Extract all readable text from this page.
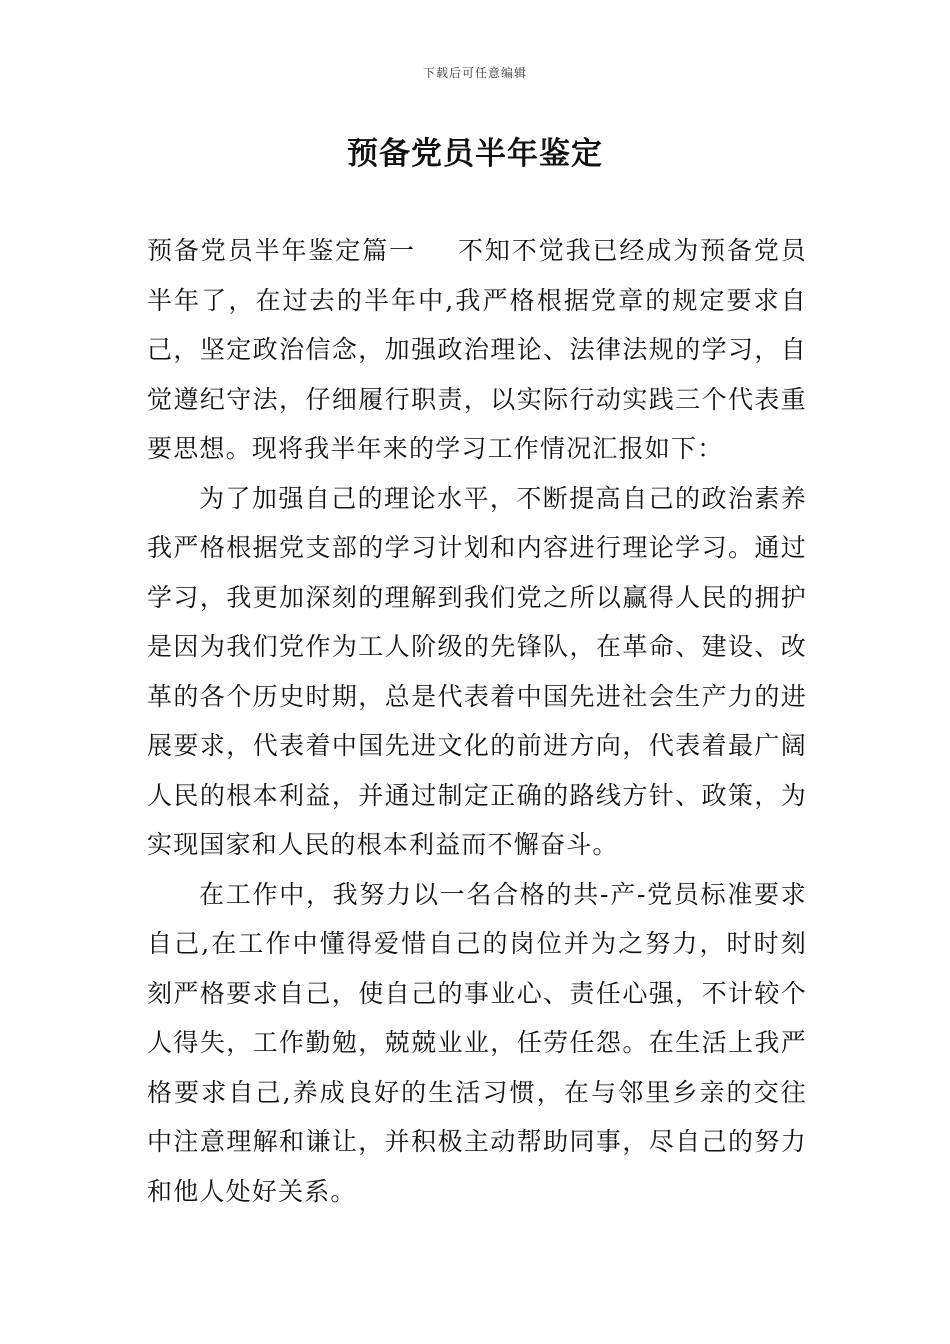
下载后可任意编辑
预备党员半年鉴定

预备党员半年鉴定篇一 不知不觉我已经成为预备党员半年了，在过去的半年中,我严格根据党章的规定要求自己，坚定政治信念，加强政治理论、法律法规的学习，自觉遵纪守法，仔细履行职责，以实际行动实践三个代表重要思想。现将我半年来的学习工作情况汇报如下：

为了加强自己的理论水平，不断提高自己的政治素养我严格根据党支部的学习计划和内容进行理论学习。通过学习，我更加深刻的理解到我们党之所以赢得人民的拥护是因为我们党作为工人阶级的先锋队，在革命、建设、改革的各个历史时期，总是代表着中国先进社会生产力的进展要求，代表着中国先进文化的前进方向，代表着最广阔人民的根本利益，并通过制定正确的路线方针、政策，为实现国家和人民的根本利益而不懈奋斗。

在工作中，我努力以一名合格的共-产-党员标准要求自己,在工作中懂得爱惜自己的岗位并为之努力，时时刻刻严格要求自己，使自己的事业心、责任心强，不计较个人得失，工作勤勉，兢兢业业，任劳任怨。在生活上我严格要求自己,养成良好的生活习惯，在与邻里乡亲的交往中注意理解和谦让，并积极主动帮助同事，尽自己的努力和他人处好关系。
